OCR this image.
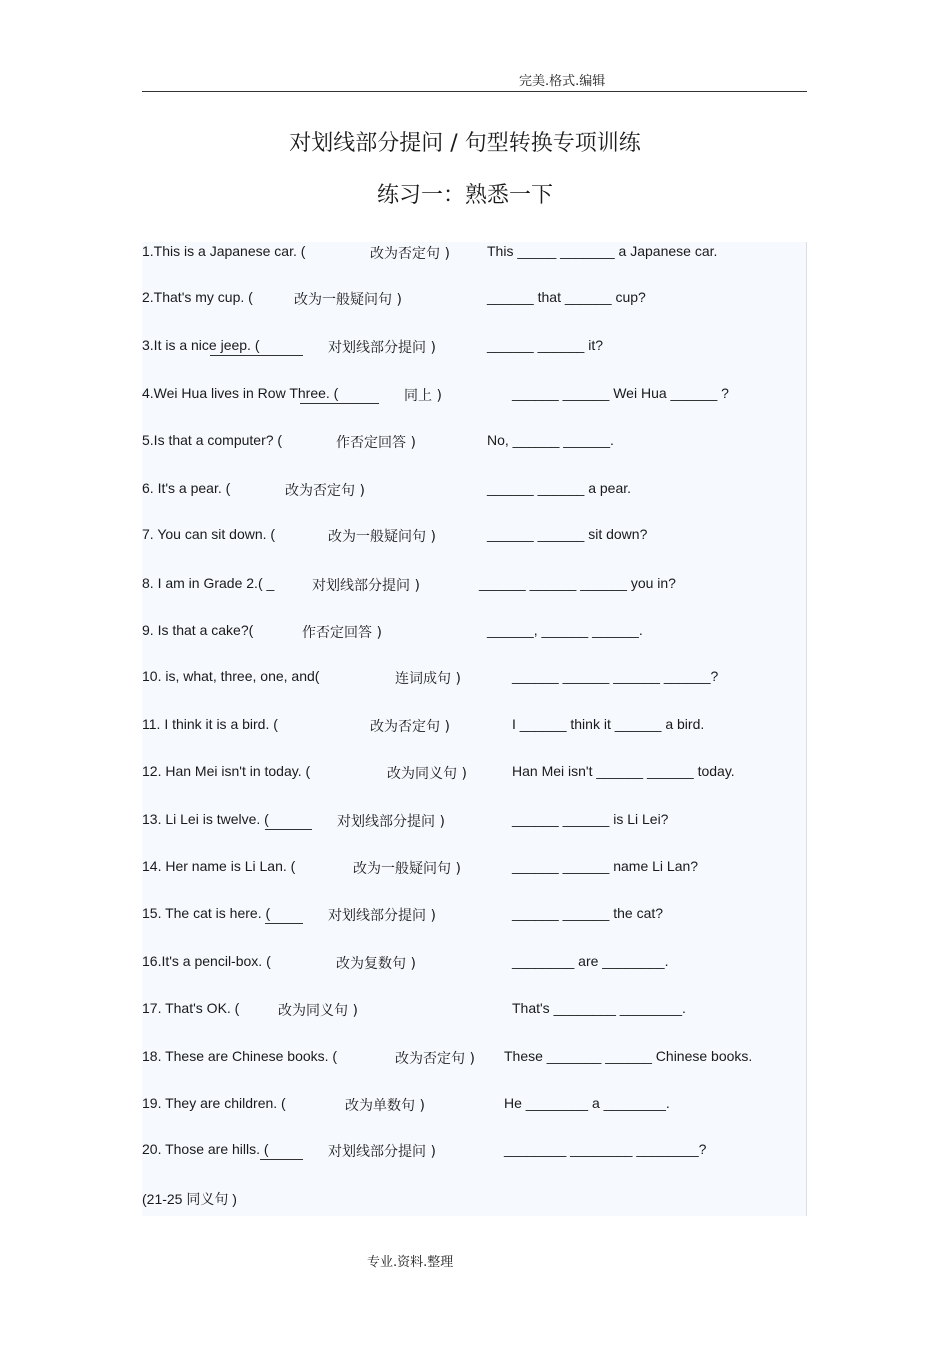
完美.格式.编辑
对划线部分提问 / 句型转换专项训练
练习一：熟悉一下
1.This is a Japanese car. (	改为否定句 )	This _____ _______ a Japanese car.
2.That's my cup. (	改为一般疑问句 )	______ that ______ cup?
3.It is a nice jeep. (	对划线部分提问 )	______ ______ it?
4.Wei Hua lives in Row Three. (	同上 )	______ ______ Wei Hua ______ ?
5.Is that a computer? (	作否定回答 )	No, ______ ______.
6. It's a pear. (	改为否定句 )	______ ______ a pear.
7. You can sit down. (	改为一般疑问句 )	______ ______ sit down?
8. I am in Grade 2.( _	对划线部分提问 )	______ ______ ______ you in?
9. Is that a cake?(	作否定回答 )	______, ______ ______.
10. is, what, three, one, and(	连词成句 )	______ ______ ______ ______?
11. I think it is a bird. (	改为否定句 )	I ______ think it ______ a bird.
12. Han Mei isn't in today. (	改为同义句 )	Han Mei isn't ______ ______ today.
13. Li Lei is twelve. (	对划线部分提问 )	______ ______ is Li Lei?
14. Her name is Li Lan. (	改为一般疑问句 )	______ ______ name Li Lan?
15. The cat is here. (	对划线部分提问 )	______ ______ the cat?
16.It's a pencil-box. (	改为复数句 )	________ are ________.
17. That's OK. (	改为同义句 )	That's ________ ________.
18. These are Chinese books. (	改为否定句 ) These _______ ______ Chinese books.
19. They are children. (	改为单数句 )	He ________ a ________.
20. Those are hills. (	对划线部分提问 )	________ ________ ________?
(21-25 同义句 )
专业.资料.整理
